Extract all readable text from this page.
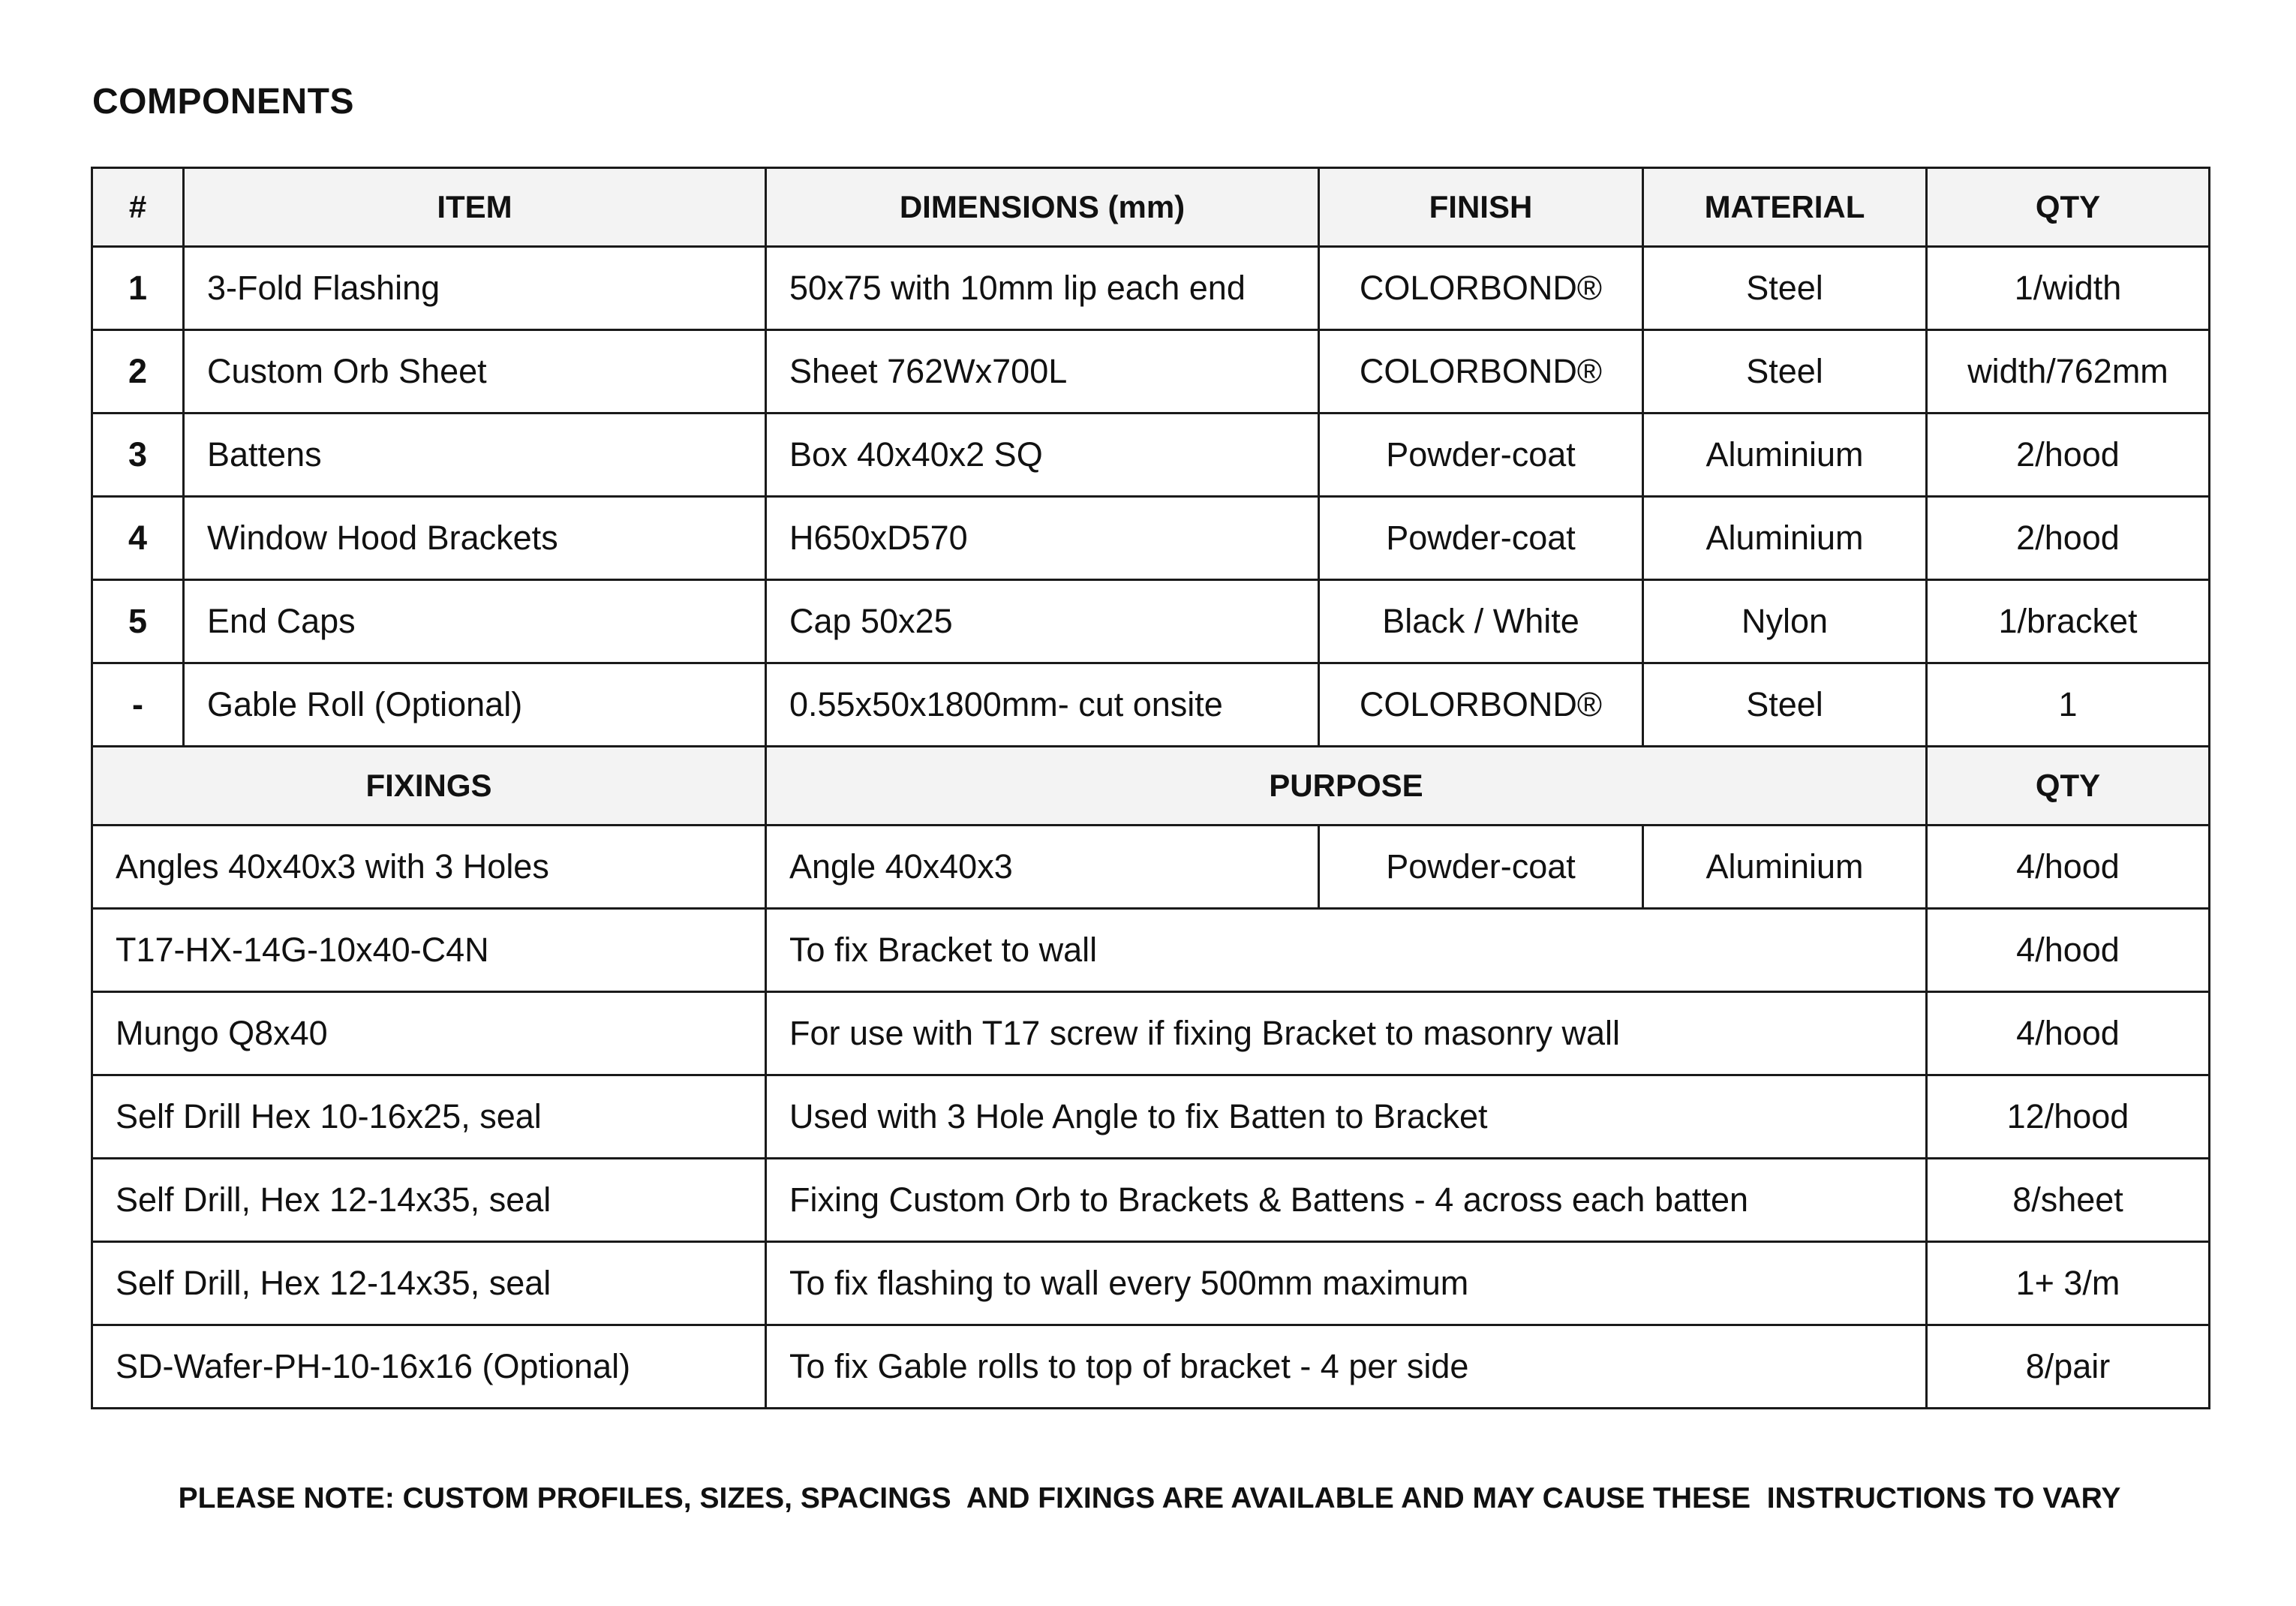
COMPONENTS
#	ITEM	DIMENSIONS (mm)	FINISH	MATERIAL	QTY
1	3-Fold Flashing	50x75 with 10mm lip each end	COLORBOND®	Steel	1/width
2	Custom Orb Sheet	Sheet 762Wx700L	COLORBOND®	Steel	width/762mm
3	Battens	Box 40x40x2 SQ	Powder-coat	Aluminium	2/hood
4	Window Hood Brackets	H650xD570	Powder-coat	Aluminium	2/hood
5	End Caps	Cap 50x25	Black / White	Nylon	1/bracket
-	Gable Roll (Optional)	0.55x50x1800mm- cut onsite	COLORBOND®	Steel	1
FIXINGS		PURPOSE			QTY
Angles 40x40x3 with 3 Holes		Angle 40x40x3	Powder-coat	Aluminium	4/hood
T17-HX-14G-10x40-C4N		To fix Bracket to wall			4/hood
Mungo Q8x40		For use with T17 screw if fixing Bracket to masonry wall			4/hood
Self Drill Hex 10-16x25, seal		Used with 3 Hole Angle to fix Batten to Bracket			12/hood
Self Drill, Hex 12-14x35, seal		Fixing Custom Orb to Brackets & Battens - 4 across each batten			8/sheet
Self Drill, Hex 12-14x35, seal		To fix flashing to wall every 500mm maximum			1+ 3/m
SD-Wafer-PH-10-16x16 (Optional)		To fix Gable rolls to top of bracket - 4 per side			8/pair
PLEASE NOTE: CUSTOM PROFILES, SIZES, SPACINGS  AND FIXINGS ARE AVAILABLE AND MAY CAUSE THESE  INSTRUCTIONS TO VARY
